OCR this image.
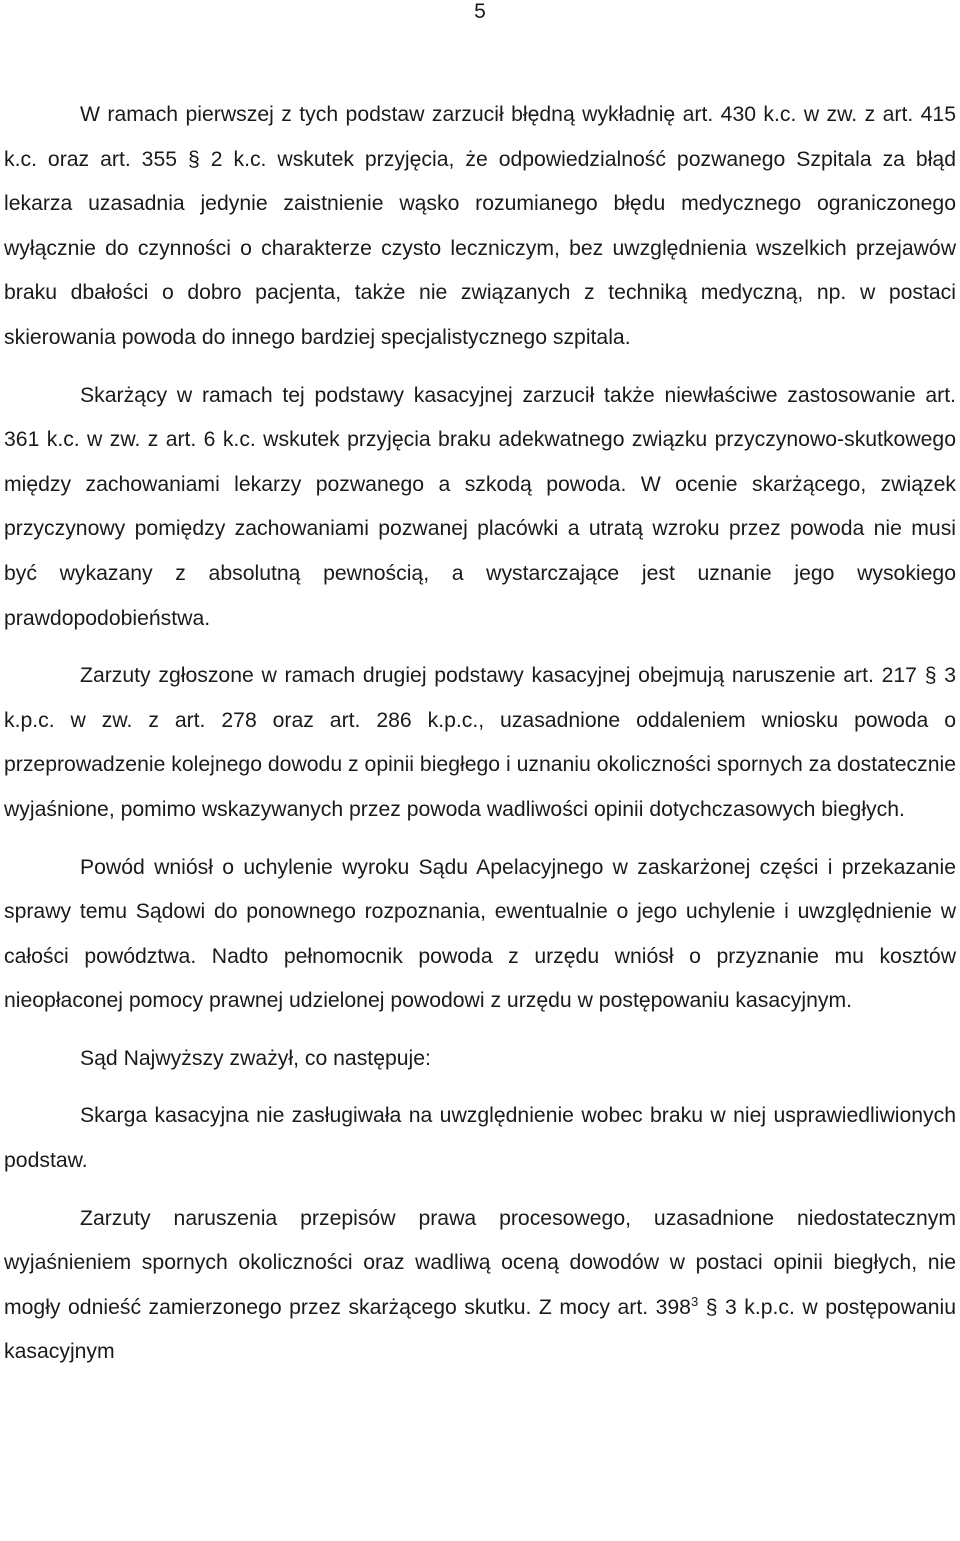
5

W ramach pierwszej z tych podstaw zarzucił błędną wykładnię art. 430 k.c. w zw. z art. 415 k.c. oraz art. 355 § 2 k.c. wskutek przyjęcia, że odpowiedzialność pozwanego Szpitala za błąd lekarza uzasadnia jedynie zaistnienie wąsko rozumianego błędu medycznego ograniczonego wyłącznie do czynności o charakterze czysto leczniczym, bez uwzględnienia wszelkich przejawów braku dbałości o dobro pacjenta, także nie związanych z techniką medyczną, np. w postaci skierowania powoda do innego bardziej specjalistycznego szpitala.

Skarżący w ramach tej podstawy kasacyjnej zarzucił także niewłaściwe zastosowanie art. 361 k.c. w zw. z art. 6 k.c. wskutek przyjęcia braku adekwatnego związku przyczynowo-skutkowego między zachowaniami lekarzy pozwanego a szkodą powoda. W ocenie skarżącego, związek przyczynowy pomiędzy zachowaniami pozwanej placówki a utratą wzroku przez powoda nie musi być wykazany z absolutną pewnością, a wystarczające jest uznanie jego wysokiego prawdopodobieństwa.

Zarzuty zgłoszone w ramach drugiej podstawy kasacyjnej obejmują naruszenie art. 217 § 3 k.p.c. w zw. z art. 278 oraz art. 286 k.p.c., uzasadnione oddaleniem wniosku powoda o przeprowadzenie kolejnego dowodu z opinii biegłego i uznaniu okoliczności spornych za dostatecznie wyjaśnione, pomimo wskazywanych przez powoda wadliwości opinii dotychczasowych biegłych.

Powód wniósł o uchylenie wyroku Sądu Apelacyjnego w zaskarżonej części i przekazanie sprawy temu Sądowi do ponownego rozpoznania, ewentualnie o jego uchylenie i uwzględnienie w całości powództwa. Nadto pełnomocnik powoda z urzędu wniósł o przyznanie mu kosztów nieopłaconej pomocy prawnej udzielonej powodowi z urzędu w postępowaniu kasacyjnym.

Sąd Najwyższy zważył, co następuje:

Skarga kasacyjna nie zasługiwała na uwzględnienie wobec braku w niej usprawiedliwionych podstaw.

Zarzuty naruszenia przepisów prawa procesowego, uzasadnione niedostatecznym wyjaśnieniem spornych okoliczności oraz wadliwą oceną dowodów w postaci opinii biegłych, nie mogły odnieść zamierzonego przez skarżącego skutku. Z mocy art. $398^3$ § 3 k.p.c. w postępowaniu kasacyjnym
